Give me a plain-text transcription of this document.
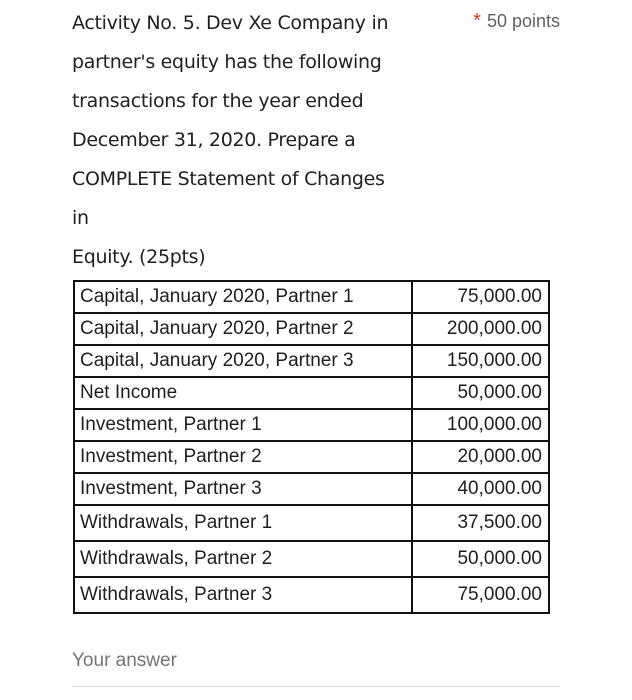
Activity No. 5. Dev Xe Company in
partner's equity has the following
transactions for the year ended
December 31, 2020. Prepare a
COMPLETE Statement of Changes in
Equity. (25pts)
* 50 points
Capital, January 2020, Partner 1	75,000.00
Capital, January 2020, Partner 2	200,000.00
Capital, January 2020, Partner 3	150,000.00
Net Income	50,000.00
Investment, Partner 1	100,000.00
Investment, Partner 2	20,000.00
Investment, Partner 3	40,000.00
Withdrawals, Partner 1	37,500.00
Withdrawals, Partner 2	50,000.00
Withdrawals, Partner 3	75,000.00
Your answer
